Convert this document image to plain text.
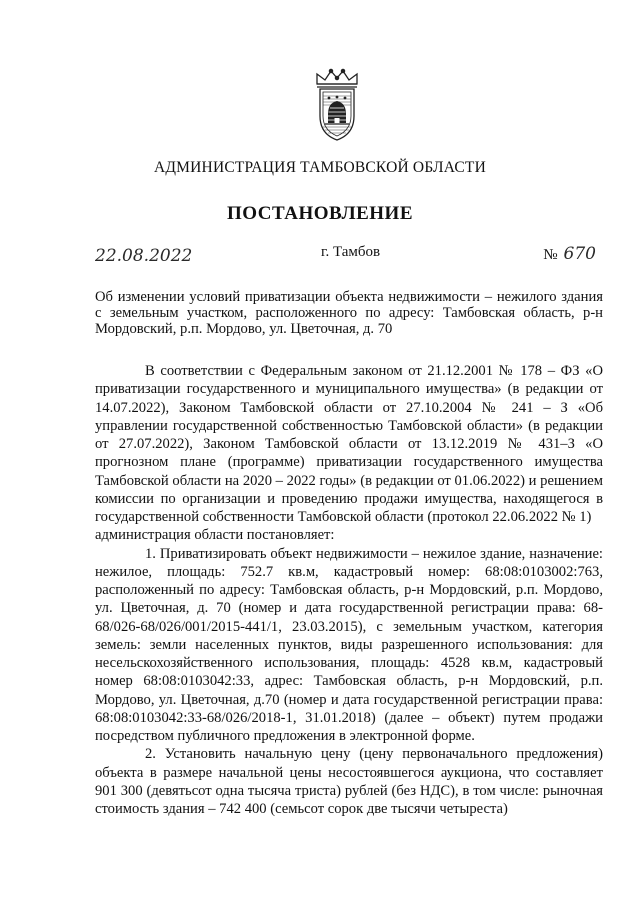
АДМИНИСТРАЦИЯ ТАМБОВСКОЙ ОБЛАСТИ
ПОСТАНОВЛЕНИЕ
22.08.2022	г. Тамбов	№ 670
Об изменении условий приватизации объекта недвижимости – нежилого здания с земельным участком, расположенного по адресу: Тамбовская область, р-н Мордовский, р.п. Мордово, ул. Цветочная, д. 70

В соответствии с Федеральным законом от 21.12.2001 № 178 – ФЗ «О приватизации государственного и муниципального имущества» (в редакции от 14.07.2022), Законом Тамбовской области от 27.10.2004 № 241 – З «Об управлении государственной собственностью Тамбовской области» (в редакции от 27.07.2022), Законом Тамбовской области от 13.12.2019 № 431–З «О прогнозном плане (программе) приватизации государственного имущества Тамбовской области на 2020 – 2022 годы» (в редакции от 01.06.2022) и решением комиссии по организации и проведению продажи имущества, находящегося в государственной собственности Тамбовской области (протокол 22.06.2022 № 1)

администрация области постановляет:

1. Приватизировать объект недвижимости – нежилое здание, назначение: нежилое, площадь: 752.7 кв.м, кадастровый номер: 68:08:0103002:763, расположенный по адресу: Тамбовская область, р-н Мордовский, р.п. Мордово, ул. Цветочная, д. 70 (номер и дата государственной регистрации права: 68-68/026-68/026/001/2015-441/1, 23.03.2015), с земельным участком, категория земель: земли населенных пунктов, виды разрешенного использования: для несельскохозяйственного использования, площадь: 4528 кв.м, кадастровый номер 68:08:0103042:33, адрес: Тамбовская область, р-н Мордовский, р.п. Мордово, ул. Цветочная, д.70 (номер и дата государственной регистрации права: 68:08:0103042:33-68/026/2018-1, 31.01.2018) (далее – объект) путем продажи посредством публичного предложения в электронной форме.

2. Установить начальную цену (цену первоначального предложения) объекта в размере начальной цены несостоявшегося аукциона, что составляет 901 300 (девятьсот одна тысяча триста) рублей (без НДС), в том числе: рыночная стоимость здания – 742 400 (семьсот сорок две тысячи четыреста)
